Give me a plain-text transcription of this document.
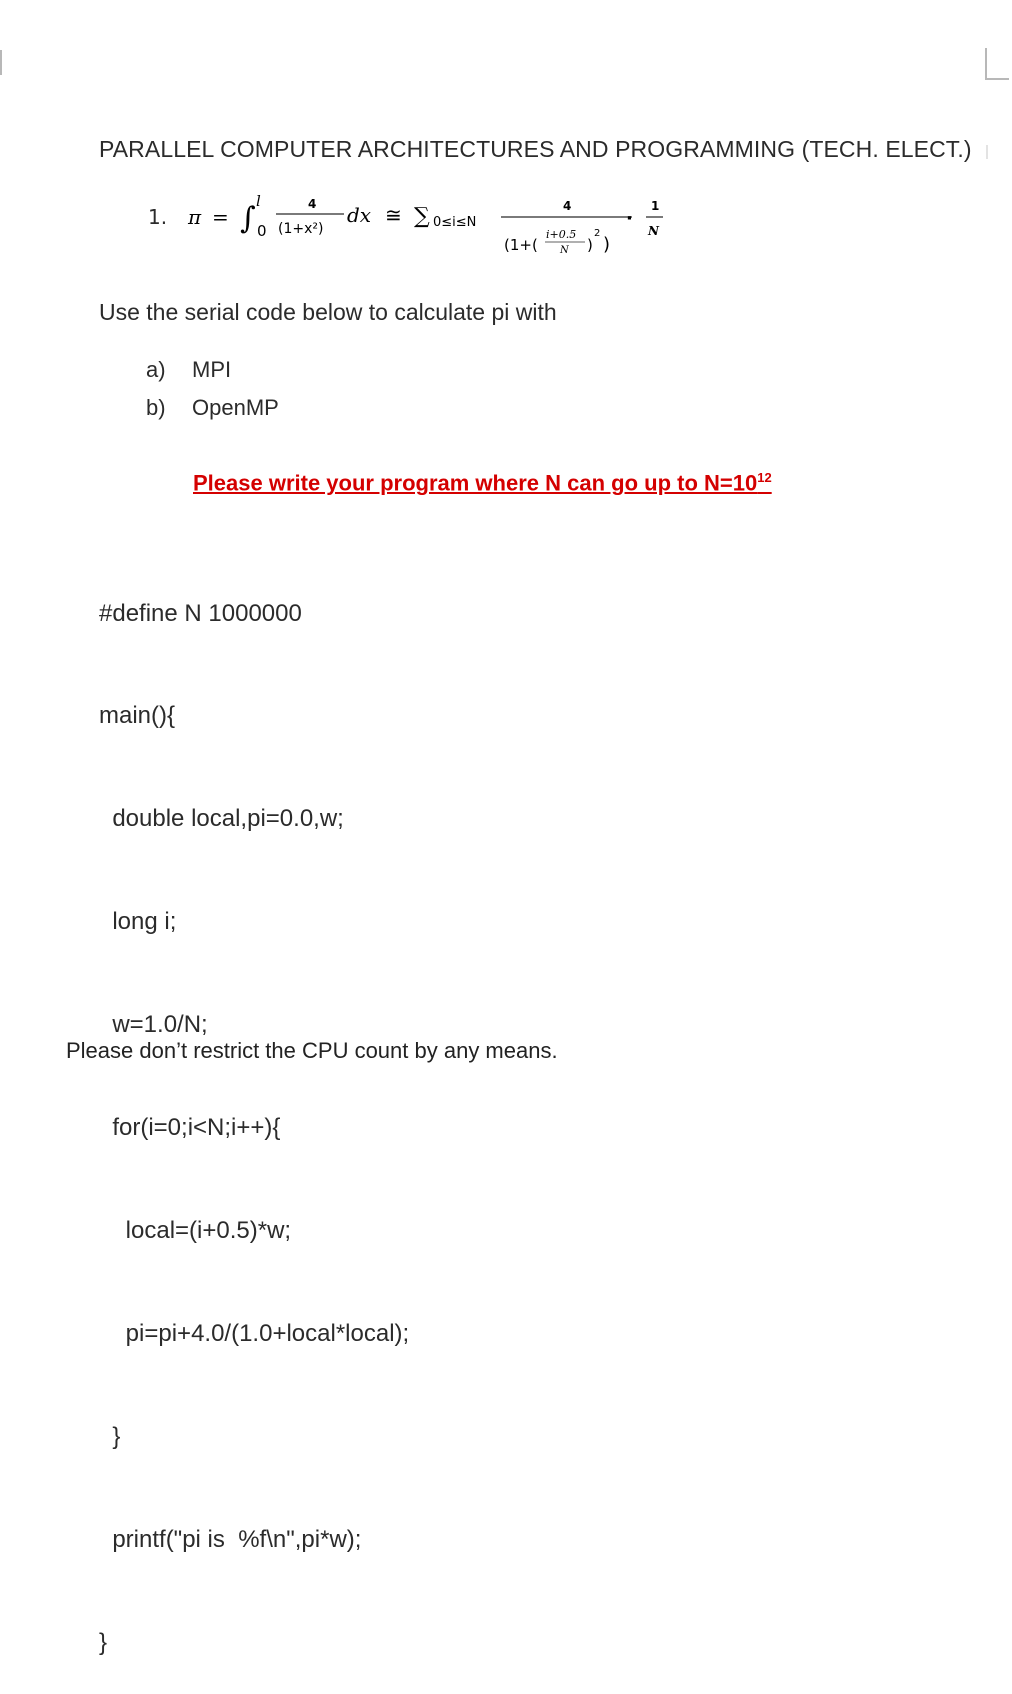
PARALLEL COMPUTER ARCHITECTURES AND PROGRAMMING (TECH. ELECT.)
1. π = ∫ l
0
4
(1+x²)
dx ≅ ∑ 0≤i≤N
4
(1+(
i+0.5
N )
2
)
·
1
N
Use the serial code below to calculate pi with
a) MPI
b) OpenMP
Please write your program where N can go up to $N=10^{12}$

#define N 1000000

main(){

double local,pi=0.0,w;

long i;

w=1.0/N;

for(i=0;i<N;i++){

local=(i+0.5)*w;

pi=pi+4.0/(1.0+local*local);

}

printf("pi is  %f\n",pi*w);

}

Please don’t restrict the CPU count by any means.
